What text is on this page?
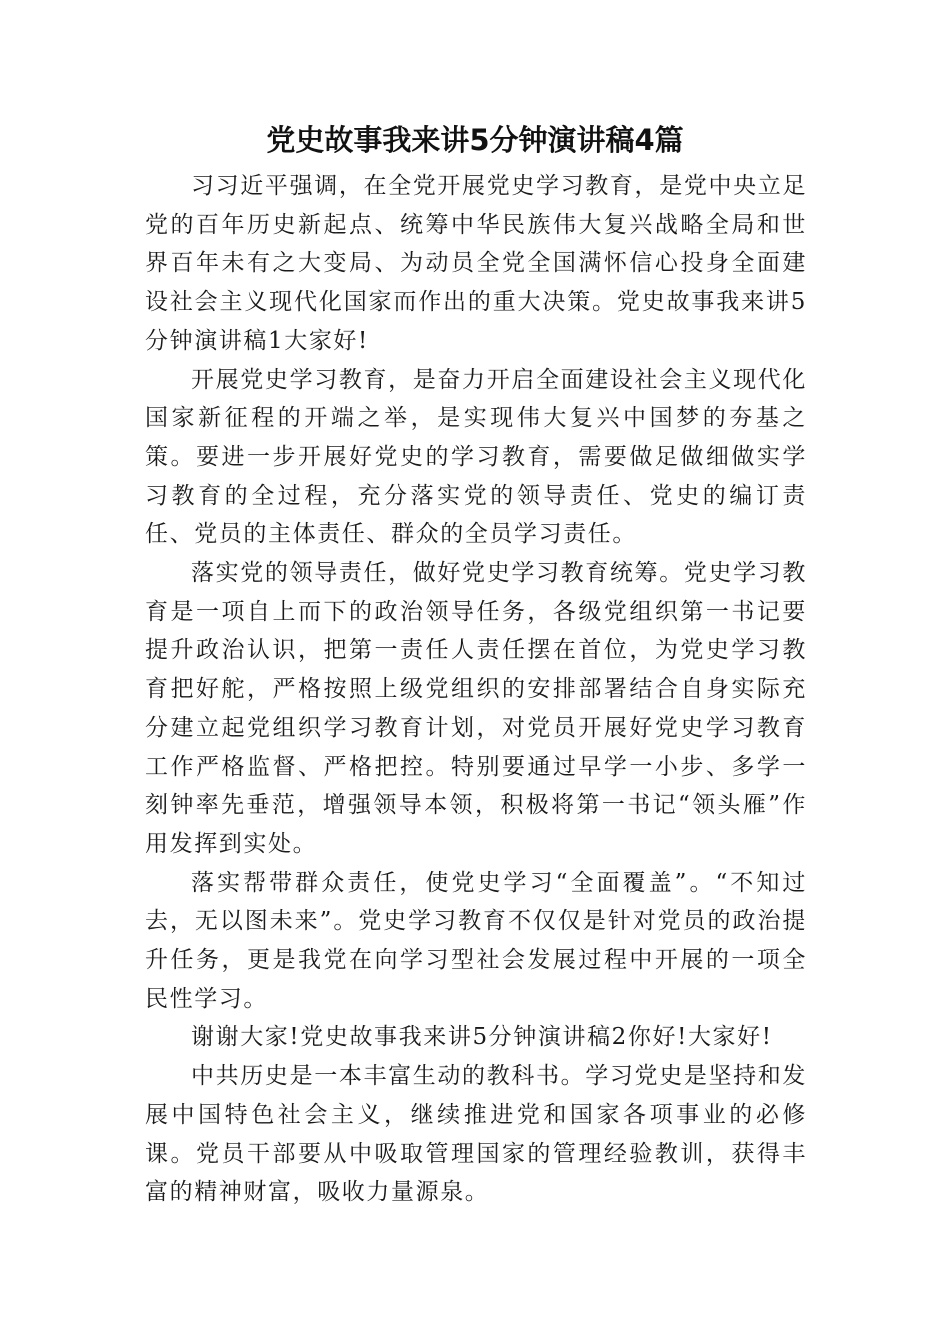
党史故事我来讲5分钟演讲稿4篇

习习近平强调，在全党开展党史学习教育，是党中央立足党的百年历史新起点、统筹中华民族伟大复兴战略全局和世界百年未有之大变局、为动员全党全国满怀信心投身全面建设社会主义现代化国家而作出的重大决策。党史故事我来讲5分钟演讲稿1大家好!

开展党史学习教育，是奋力开启全面建设社会主义现代化国家新征程的开端之举，是实现伟大复兴中国梦的夯基之策。要进一步开展好党史的学习教育，需要做足做细做实学习教育的全过程，充分落实党的领导责任、党史的编订责任、党员的主体责任、群众的全员学习责任。

落实党的领导责任，做好党史学习教育统筹。党史学习教育是一项自上而下的政治领导任务，各级党组织第一书记要提升政治认识，把第一责任人责任摆在首位，为党史学习教育把好舵，严格按照上级党组织的安排部署结合自身实际充分建立起党组织学习教育计划，对党员开展好党史学习教育工作严格监督、严格把控。特别要通过早学一小步、多学一刻钟率先垂范，增强领导本领，积极将第一书记“领头雁”作用发挥到实处。

落实帮带群众责任，使党史学习“全面覆盖”。“不知过去，无以图未来”。党史学习教育不仅仅是针对党员的政治提升任务，更是我党在向学习型社会发展过程中开展的一项全民性学习。

谢谢大家!党史故事我来讲5分钟演讲稿2你好!大家好!

中共历史是一本丰富生动的教科书。学习党史是坚持和发展中国特色社会主义，继续推进党和国家各项事业的必修课。党员干部要从中吸取管理国家的管理经验教训，获得丰富的精神财富，吸收力量源泉。
